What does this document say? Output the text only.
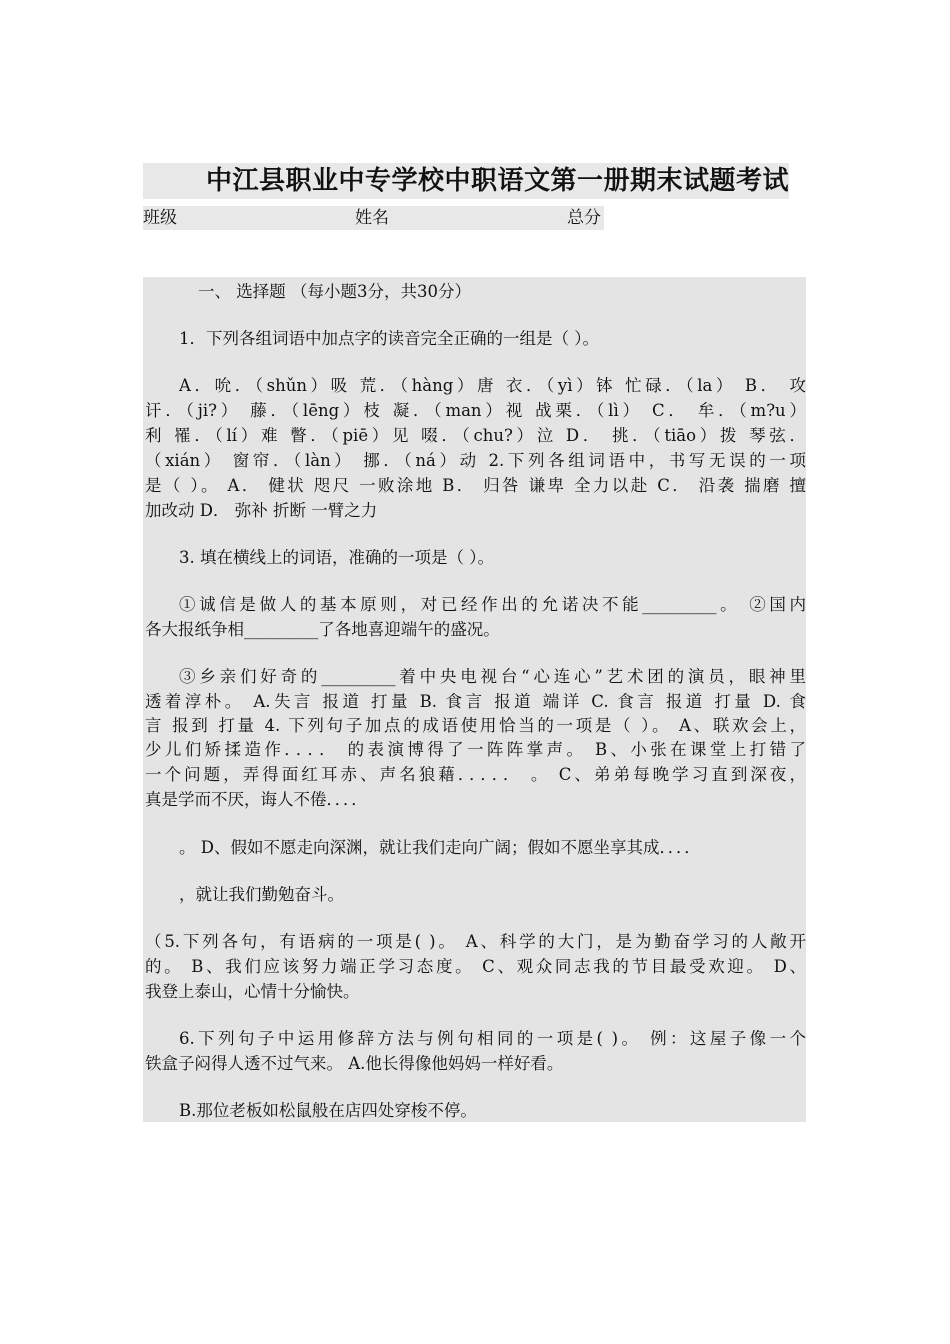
中江县职业中专学校中职语文第一册期末试题考试
班级	姓名	总分
一、 选择题 （每小题3分，共30分）
1．下列各组词语中加点字的读音完全正确的一组是（ ）。
A．吮．（shǔn）吸 荒．（hàng）唐 衣．（yì）钵 忙碌．（la） B． 攻
讦．（ji?） 藤．（lēng）枝 凝．（man）视 战栗．（lì） C． 牟．（m?u）
利 罹．（lí）难 瞥．（piē）见 啜．（chu?）泣 D． 挑．（tiāo）拨 琴弦．
（xián） 窗帘．（làn） 挪．（ná）动 2.下列各组词语中，书写无误的一项
是（ ）。 A． 健状 咫尺 一败涂地 B． 归咎 谦卑 全力以赴 C． 沿袭 揣磨 擅
加改动 D． 弥补 折断 一臂之力
3. 填在横线上的词语，准确的一项是（ ）。
①诚信是做人的基本原则，对已经作出的允诺决不能_________。 ②国内
各大报纸争相_________了各地喜迎端午的盛况。
③乡亲们好奇的_________着中央电视台“心连心”艺术团的演员，眼神里
透着淳朴。 A.失言 报道 打量 B. 食言 报道 端详 C. 食言 报道 打量 D. 食
言 报到 打量 4. 下列句子加点的成语使用恰当的一项是（ ）。 A、联欢会上，
少儿们矫揉造作．．．． 的表演博得了一阵阵掌声。 B、小张在课堂上打错了
一个问题，弄得面红耳赤、声名狼藉．．．．． 。 C、弟弟每晚学习直到深夜，
真是学而不厌，诲人不倦．．．．
。 D、假如不愿走向深渊，就让我们走向广阔；假如不愿坐享其成．．．．
，就让我们勤勉奋斗。
（5.下列各句，有语病的一项是( )。 A、科学的大门，是为勤奋学习的人敞开
的。 B、我们应该努力端正学习态度。 C、观众同志我的节目最受欢迎。 D、
我登上泰山，心情十分愉快。
6.下列句子中运用修辞方法与例句相同的一项是( )。 例：这屋子像一个
铁盒子闷得人透不过气来。 A.他长得像他妈妈一样好看。
B.那位老板如松鼠般在店四处穿梭不停。
